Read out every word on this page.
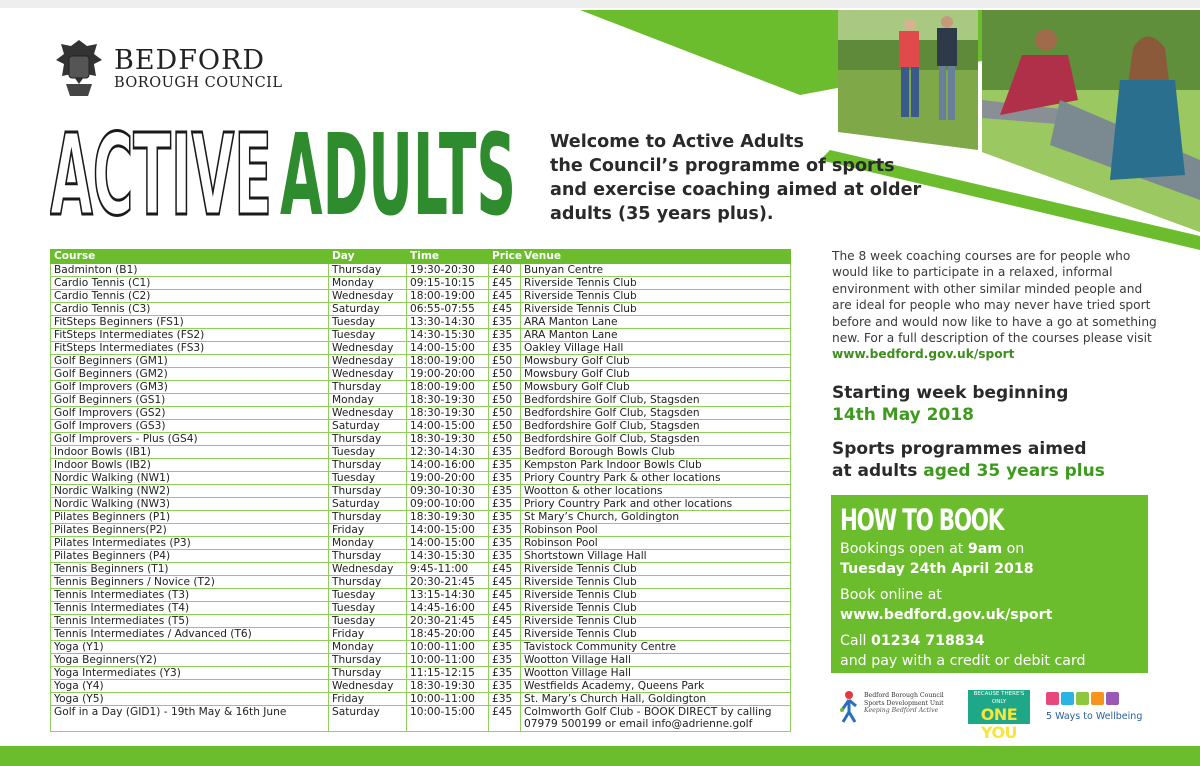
BEDFORD
BOROUGH COUNCIL
ACTIVE ADULTS Welcome to Active Adults
the Council’s programme of sports
and exercise coaching aimed at older
adults (35 years plus).
Course	Day	Time	Price	Venue
Badminton (B1)	Thursday	19:30-20:30	£40	Bunyan Centre
Cardio Tennis (C1)	Monday	09:15-10:15	£45	Riverside Tennis Club
Cardio Tennis (C2)	Wednesday	18:00-19:00	£45	Riverside Tennis Club
Cardio Tennis (C3)	Saturday	06:55-07:55	£45	Riverside Tennis Club
FitSteps Beginners (FS1)	Tuesday	13:30-14:30	£35	ARA Manton Lane
FitSteps Intermediates (FS2)	Tuesday	14:30-15:30	£35	ARA Manton Lane
FitSteps Intermediates (FS3)	Wednesday	14:00-15:00	£35	Oakley Village Hall
Golf Beginners (GM1)	Wednesday	18:00-19:00	£50	Mowsbury Golf Club
Golf Beginners (GM2)	Wednesday	19:00-20:00	£50	Mowsbury Golf Club
Golf Improvers (GM3)	Thursday	18:00-19:00	£50	Mowsbury Golf Club
Golf Beginners (GS1)	Monday	18:30-19:30	£50	Bedfordshire Golf Club, Stagsden
Golf Improvers (GS2)	Wednesday	18:30-19:30	£50	Bedfordshire Golf Club, Stagsden
Golf Improvers (GS3)	Saturday	14:00-15:00	£50	Bedfordshire Golf Club, Stagsden
Golf Improvers - Plus (GS4)	Thursday	18:30-19:30	£50	Bedfordshire Golf Club, Stagsden
Indoor Bowls (IB1)	Tuesday	12:30-14:30	£35	Bedford Borough Bowls Club
Indoor Bowls (IB2)	Thursday	14:00-16:00	£35	Kempston Park Indoor Bowls Club
Nordic Walking (NW1)	Tuesday	19:00-20:00	£35	Priory Country Park & other locations
Nordic Walking (NW2)	Thursday	09:30-10:30	£35	Wootton & other locations
Nordic Walking (NW3)	Saturday	09:00-10:00	£35	Priory Country Park and other locations
Pilates Beginners (P1)	Thursday	18:30-19:30	£35	St Mary’s Church, Goldington
Pilates Beginners(P2)	Friday	14:00-15:00	£35	Robinson Pool
Pilates Intermediates (P3)	Monday	14:00-15:00	£35	Robinson Pool
Pilates Beginners (P4)	Thursday	14:30-15:30	£35	Shortstown Village Hall
Tennis Beginners (T1)	Wednesday	9:45-11:00	£45	Riverside Tennis Club
Tennis Beginners / Novice (T2)	Thursday	20:30-21:45	£45	Riverside Tennis Club
Tennis Intermediates (T3)	Tuesday	13:15-14:30	£45	Riverside Tennis Club
Tennis Intermediates (T4)	Tuesday	14:45-16:00	£45	Riverside Tennis Club
Tennis Intermediates (T5)	Tuesday	20:30-21:45	£45	Riverside Tennis Club
Tennis Intermediates / Advanced (T6)	Friday	18:45-20:00	£45	Riverside Tennis Club
Yoga (Y1)	Monday	10:00-11:00	£35	Tavistock Community Centre
Yoga Beginners(Y2)	Thursday	10:00-11:00	£35	Wootton Village Hall
Yoga Intermediates (Y3)	Thursday	11:15-12:15	£35	Wootton Village Hall
Yoga (Y4)	Wednesday	18:30-19:30	£35	Westfields Academy, Queens Park
Yoga (Y5)	Friday	10:00-11:00	£35	St. Mary’s Church Hall, Goldington
Golf in a Day (GID1) - 19th May & 16th June	Saturday	10:00-15:00	£45	Colmworth Golf Club - BOOK DIRECT by calling 07979 500199 or email info@adrienne.golf
The 8 week coaching courses are for people who would like to participate in a relaxed, informal environment with other similar minded people and are ideal for people who may never have tried sport before and would now like to have a go at something new. For a full description of the courses please visit www.bedford.gov.uk/sport
Starting week beginning
14th May 2018
Sports programmes aimed
at adults aged 35 years plus
HOW TO BOOK

Bookings open at 9am on

Tuesday 24th April 2018

Book online at

www.bedford.gov.uk/sport

Call 01234 718834

and pay with a credit or debit card

Bedford Borough Council
Sports Development Unit
Keeping Bedford Active
BECAUSE THERE'S ONLY
ONE YOU
5 Ways to Wellbeing
